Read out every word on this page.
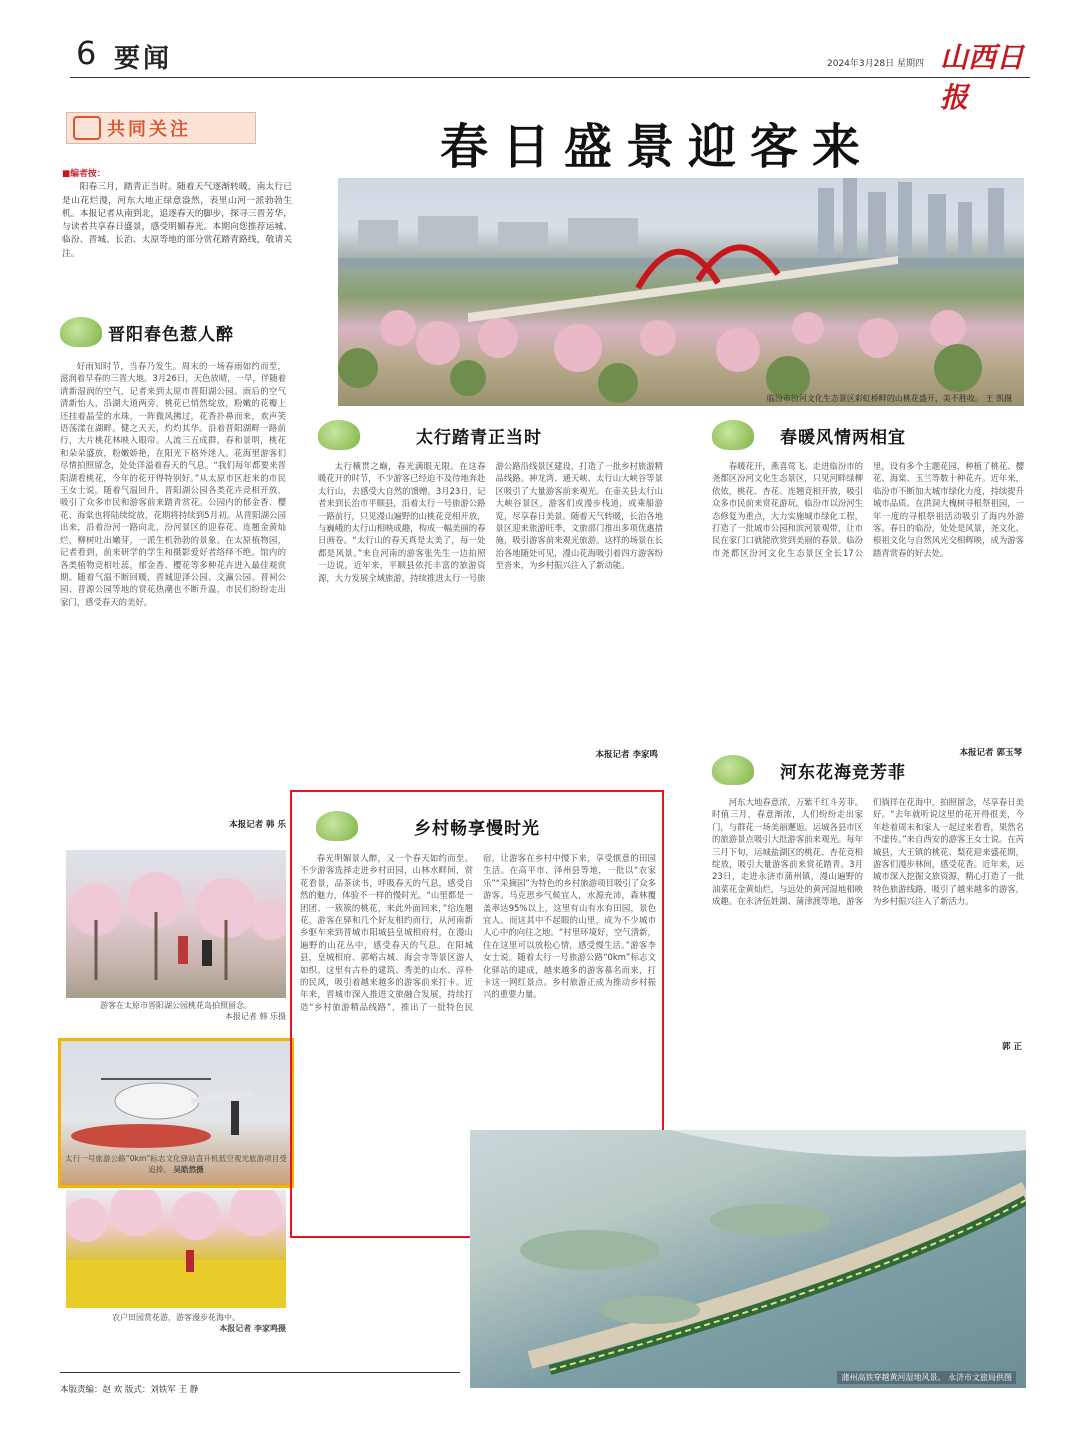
6 要闻	2024年3月28日 星期四 山西日报
共同关注	春日盛景迎客来
■编者按：
阳春三月，踏青正当时。随着天气逐渐转暖，南太行已是山花烂漫，河东大地正绿意盎然，表里山河一派勃勃生机。本报记者从南到北，追逐春天的脚步，探寻三晋芳华，与读者共享春日盛景，感受明媚春光。本期向您推荐运城、临汾、晋城、长治、太原等地的部分赏花踏青路线，敬请关注。
临汾市汾河文化生态景区彩虹桥畔的山桃花盛开，美不胜收。 王 凯摄
晋阳春色惹人醉

好雨知时节，当春乃发生。周末的一场春雨如约而至，滋润着早春的三晋大地。3月26日，天色放晴，一早，伴随着清新湿润的空气，记者来到太原市晋阳湖公园。雨后的空气清新怡人，沿湖大道两旁，桃花已悄然绽放，粉嫩的花瓣上还挂着晶莹的水珠，一阵微风拂过，花香扑鼻而来，欢声笑语荡漾在湖畔。健之天天，灼灼其华。沿着晋阳湖畔一路前行，大片桃花林映入眼帘。人流三五成群，春和景明，桃花和朵朵盛放，粉嫩娇艳，在阳光下格外迷人。花海里游客们尽情拍照留念，处处洋溢着春天的气息。“我们每年都要来晋阳湖看桃花，今年的花开得特别好。”从太原市区赶来的市民王女士说。随着气温回升，晋阳湖公园各类花卉竞相开放，吸引了众多市民和游客前来踏青赏花。公园内的郁金香、樱花、海棠也将陆续绽放，花期将持续到5月初。从晋阳湖公园出来，沿着汾河一路向北，汾河景区的迎春花、连翘金黄灿烂，柳树吐出嫩芽，一派生机勃勃的景象。在太原植物园，记者看到，前来研学的学生和摄影爱好者络绎不绝。馆内的各类植物竞相吐蕊，郁金香、樱花等多种花卉进入最佳观赏期。随着气温不断回暖，晋城迎泽公园、文瀛公园、晋祠公园、晋源公园等地的赏花热潮也不断升温，市民们纷纷走出家门，感受春天的美好。

本报记者 韩 乐
游客在太原市晋阳湖公园桃花岛拍照留念。

本报记者 韩 乐摄
太行一号旅游公路“0km”标志文化驿站直升机低空观光旅游项目受追捧。 吴皓然摄
农户田园赏花游，游客漫步花海中。

本报记者 李家鸣摄
太行踏青正当时

太行横贯之巅，春光满眼无限。在这春暖花开的时节，不少游客已经迫不及待地奔赴太行山，去感受大自然的馈赠。3月23日，记者来到长治市平顺县，沿着太行一号旅游公路一路前行，只见漫山遍野的山桃花竞相开放，与巍峨的太行山相映成趣，构成一幅美丽的春日画卷。“太行山的春天真是太美了，每一处都是风景。”来自河南的游客张先生一边拍照一边说。近年来，平顺县依托丰富的旅游资源，大力发展全域旅游，持续推进太行一号旅游公路沿线景区建设，打造了一批乡村旅游精品线路。神龙湾、通天峡、太行山大峡谷等景区吸引了大量游客前来观光。在壶关县太行山大峡谷景区，游客们或漫步栈道，或乘船游览，尽享春日美景。随着天气转暖，长治各地景区迎来旅游旺季，文旅部门推出多项优惠措施，吸引游客前来观光旅游。这样的场景在长治各地随处可见，漫山花海吸引着四方游客纷至沓来，为乡村振兴注入了新动能。

本报记者 李家鸣
乡村畅享慢时光

春光明媚景人醉，又一个春天如约而至。不少游客选择走进乡村田园，山林水畔间，赏花看景，品茶读书，呼吸春天的气息，感受自然的魅力，体验不一样的慢时光。“山里都是一团团、一簇簇的桃花，来此外面回来，”给连翘花，游客在驿和几个好友相约而行，从河南新乡驱车来到晋城市阳城县皇城相府村，在漫山遍野的山花丛中，感受春天的气息。在阳城县，皇城相府、郭峪古城、海会寺等景区游人如织。这里有古朴的建筑、秀美的山水、淳朴的民风，吸引着越来越多的游客前来打卡。近年来，晋城市深入推进文旅融合发展，持续打造“乡村旅游精品线路”，推出了一批特色民宿，让游客在乡村中慢下来，享受惬意的田园生活。在高平市、泽州县等地，一批以“农家乐”“采摘园”为特色的乡村旅游项目吸引了众多游客。马克思乡气候宜人，水源充沛，森林覆盖率达95%以上，这里有山有水有田园，景色宜人。而这其中不起眼的山里，成为不少城市人心中的向往之地。“村里环境好，空气清新，住在这里可以放松心情，感受慢生活。”游客李女士说。随着太行一号旅游公路“0km”标志文化驿站的建成，越来越多的游客慕名而来，打卡这一网红景点。乡村旅游正成为推动乡村振兴的重要力量。

春暖风情两相宜

春暖花开，燕喜莺飞。走进临汾市的尧都区汾河文化生态景区，只见河畔绿柳依依，桃花、杏花、连翘竞相开放，吸引众多市民前来赏花游玩。临汾市以汾河生态修复为重点，大力实施城市绿化工程，打造了一批城市公园和滨河景观带，让市民在家门口就能欣赏到美丽的春景。临汾市尧都区汾河文化生态景区全长17公里，设有多个主题花园，种植了桃花、樱花、海棠、玉兰等数十种花卉。近年来，临汾市不断加大城市绿化力度，持续提升城市品质。在洪洞大槐树寻根祭祖园，一年一度的寻根祭祖活动吸引了海内外游客。春日的临汾，处处是风景，尧文化、根祖文化与自然风光交相辉映，成为游客踏青赏春的好去处。

本报记者 郭玉琴
河东花海竞芳菲

河东大地春意浓，万紫千红斗芳菲。时值三月，春意渐浓，人们纷纷走出家门，与群花一场美丽邂逅。运城各县市区的旅游景点吸引大批游客前来观光。每年三月下旬，运城盐湖区的桃花、杏花竞相绽放，吸引大量游客前来赏花踏青。3月23日，走进永济市蒲州镇，漫山遍野的油菜花金黄灿烂，与远处的黄河湿地相映成趣。在永济伍姓湖、蒲津渡等地，游客们徜徉在花海中，拍照留念，尽享春日美好。“去年就听说这里的花开得很美，今年趁着周末和家人一起过来看看，果然名不虚传。”来自西安的游客王女士说。在芮城县，大王镇的桃花、梨花迎来盛花期，游客们漫步林间，感受花香。近年来，运城市深入挖掘文旅资源，精心打造了一批特色旅游线路，吸引了越来越多的游客，为乡村振兴注入了新活力。

郭 正
蒲州高铁穿越黄河湿地风景。 永济市文旅局供图
本版责编：赵 欢 版式：刘铁军 王 静
